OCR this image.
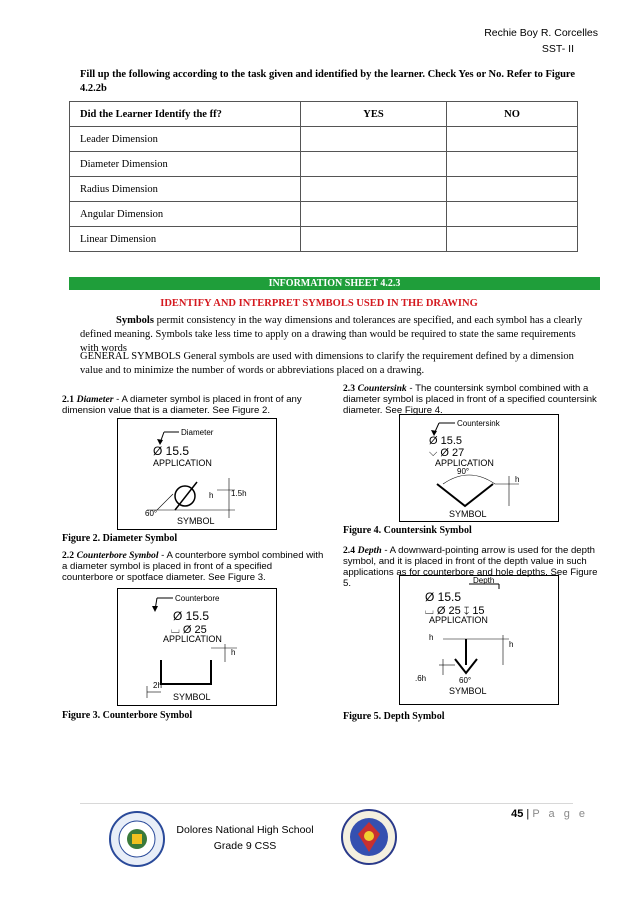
Rechie Boy R. Corcelles
SST- II
Fill up the following according to the task given and identified by the learner. Check Yes or No. Refer to Figure 4.2.2b
Did the Learner Identify the ff?	YES	NO
Leader Dimension		
Diameter Dimension		
Radius Dimension		
Angular Dimension		
Linear Dimension		
INFORMATION SHEET 4.2.3
IDENTIFY AND INTERPRET SYMBOLS USED IN THE DRAWING
Symbols permit consistency in the way dimensions and tolerances are specified, and each symbol has a clearly defined meaning. Symbols take less time to apply on a drawing than would be required to state the same requirements with words
GENERAL SYMBOLS General symbols are used with dimensions to clarify the requirement defined by a dimension value and to minimize the number of words or abbreviations placed on a drawing.
2.1 Diameter - A diameter symbol is placed in front of any dimension value that is a diameter. See Figure 2.
Diameter
Ø 15.5
APPLICATION
60°
h 1.5h
SYMBOL
Figure 2. Diameter Symbol
2.2 Counterbore Symbol - A counterbore symbol combined with a diameter symbol is placed in front of a specified counterbore or spotface diameter. See Figure 3.
Counterbore
Ø 15.5
⌴ Ø 25
APPLICATION
h
2h
SYMBOL
Figure 3. Counterbore Symbol
2.3 Countersink - The countersink symbol combined with a diameter symbol is placed in front of a specified countersink diameter. See Figure 4.
Countersink
Ø 15.5
⌵ Ø 27
APPLICATION
90°
h
SYMBOL
Figure 4. Countersink Symbol
2.4 Depth - A downward-pointing arrow is used for the depth symbol, and it is placed in front of the depth value in such applications as for counterbore and hole depths. See Figure 5.	Depth
Ø 15.5
⌴ Ø 25 ↧ 15
APPLICATION
h
h
.6h	60°
SYMBOL
Figure 5. Depth Symbol
45 | P a g e
Dolores National High School
Grade 9 CSS
